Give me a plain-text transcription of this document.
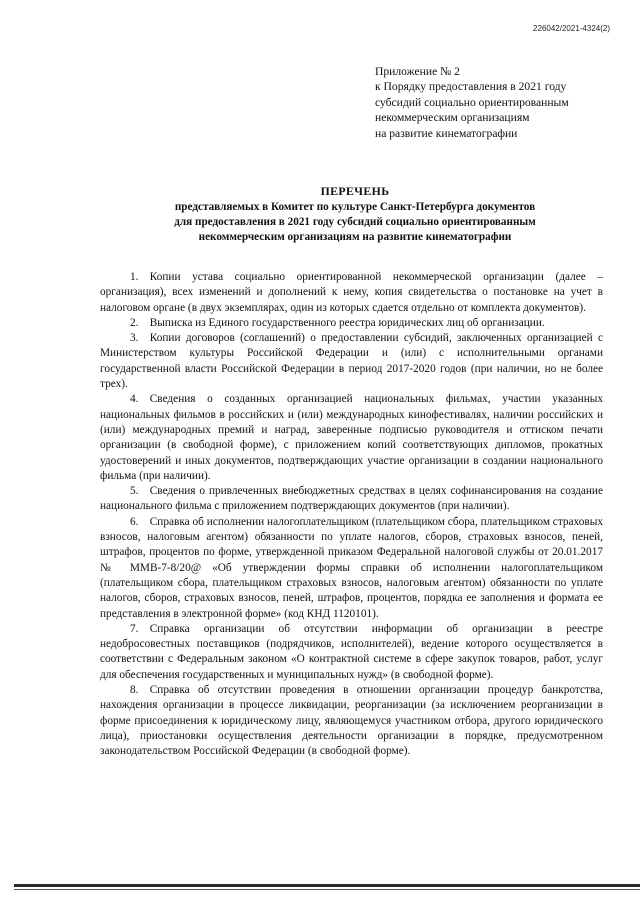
226042/2021-4324(2)
Приложение № 2
к Порядку предоставления в 2021 году
субсидий социально ориентированным
некоммерческим организациям
на развитие кинематографии
ПЕРЕЧЕНЬ
представляемых в Комитет по культуре Санкт-Петербурга документов
для предоставления в 2021 году субсидий социально ориентированным
некоммерческим организациям на развитие кинематографии

1. Копии устава социально ориентированной некоммерческой организации (далее – организация), всех изменений и дополнений к нему, копия свидетельства о постановке на учет в налоговом органе (в двух экземплярах, один из которых сдается отдельно от комплекта документов).

2. Выписка из Единого государственного реестра юридических лиц об организации.

3. Копии договоров (соглашений) о предоставлении субсидий, заключенных организацией с Министерством культуры Российской Федерации и (или) с исполнительными органами государственной власти Российской Федерации в период 2017-2020 годов (при наличии, но не более трех).

4. Сведения о созданных организацией национальных фильмах, участии указанных национальных фильмов в российских и (или) международных кинофестивалях, наличии российских и (или) международных премий и наград, заверенные подписью руководителя и оттиском печати организации (в свободной форме), с приложением копий соответствующих дипломов, прокатных удостоверений и иных документов, подтверждающих участие организации в создании национального фильма (при наличии).

5. Сведения о привлеченных внебюджетных средствах в целях софинансирования на создание национального фильма с приложением подтверждающих документов (при наличии).

6. Справка об исполнении налогоплательщиком (плательщиком сбора, плательщиком страховых взносов, налоговым агентом) обязанности по уплате налогов, сборов, страховых взносов, пеней, штрафов, процентов по форме, утвержденной приказом Федеральной налоговой службы от 20.01.2017 № ММВ-7-8/20@ «Об утверждении формы справки об исполнении налогоплательщиком (плательщиком сбора, плательщиком страховых взносов, налоговым агентом) обязанности по уплате налогов, сборов, страховых взносов, пеней, штрафов, процентов, порядка ее заполнения и формата ее представления в электронной форме» (код КНД 1120101).

7. Справка организации об отсутствии информации об организации в реестре недобросовестных поставщиков (подрядчиков, исполнителей), ведение которого осуществляется в соответствии с Федеральным законом «О контрактной системе в сфере закупок товаров, работ, услуг для обеспечения государственных и муниципальных нужд» (в свободной форме).

8. Справка об отсутствии проведения в отношении организации процедур банкротства, нахождения организации в процессе ликвидации, реорганизации (за исключением реорганизации в форме присоединения к юридическому лицу, являющемуся участником отбора, другого юридического лица), приостановки осуществления деятельности организации в порядке, предусмотренном законодательством Российской Федерации (в свободной форме).
